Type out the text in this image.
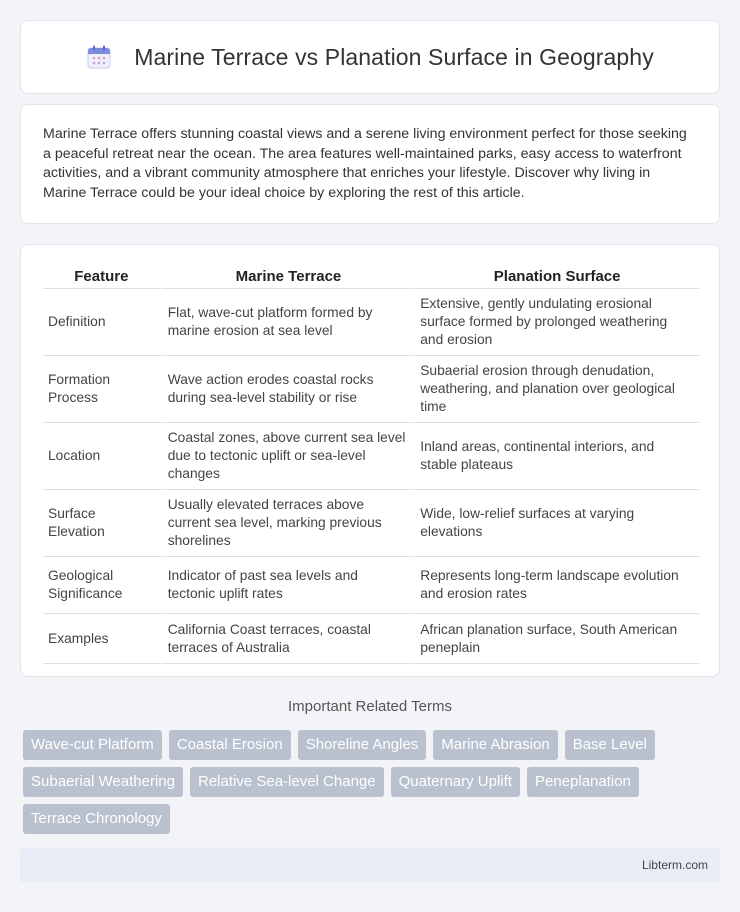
Marine Terrace vs Planation Surface in Geography

Marine Terrace offers stunning coastal views and a serene living environment perfect for those seeking a peaceful retreat near the ocean. The area features well-maintained parks, easy access to waterfront activities, and a vibrant community atmosphere that enriches your lifestyle. Discover why living in Marine Terrace could be your ideal choice by exploring the rest of this article.

Feature	Marine Terrace	Planation Surface
Definition	Flat, wave-cut platform formed by marine erosion at sea level	Extensive, gently undulating erosional surface formed by prolonged weathering and erosion
Formation Process	Wave action erodes coastal rocks during sea-level stability or rise	Subaerial erosion through denudation, weathering, and planation over geological time
Location	Coastal zones, above current sea level due to tectonic uplift or sea-level changes	Inland areas, continental interiors, and stable plateaus
Surface Elevation	Usually elevated terraces above current sea level, marking previous shorelines	Wide, low-relief surfaces at varying elevations
Geological Significance	Indicator of past sea levels and tectonic uplift rates	Represents long-term landscape evolution and erosion rates
Examples	California Coast terraces, coastal terraces of Australia	African planation surface, South American peneplain
Important Related Terms
Wave-cut Platform	Coastal Erosion	Shoreline Angles	Marine Abrasion	Base Level
Subaerial Weathering	Relative Sea-level Change	Quaternary Uplift	Peneplanation
Terrace Chronology
Libterm.com
